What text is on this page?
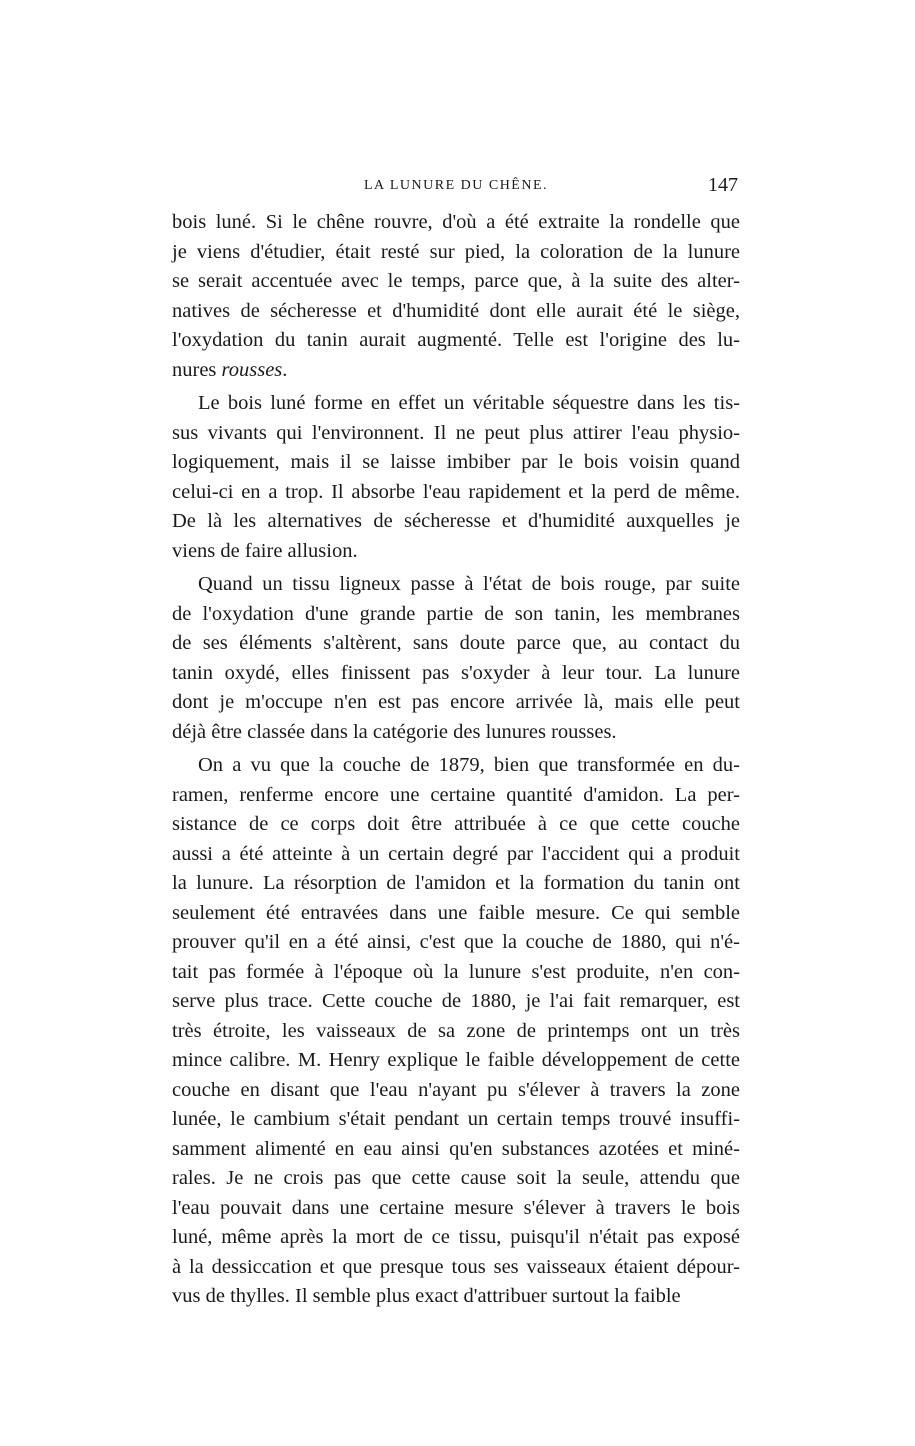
LA LUNURE DU CHÊNE.	147
bois luné. Si le chêne rouvre, d'où a été extraite la rondelle que
je viens d'étudier, était resté sur pied, la coloration de la lunure
se serait accentuée avec le temps, parce que, à la suite des alter-
natives de sécheresse et d'humidité dont elle aurait été le siège,
l'oxydation du tanin aurait augmenté. Telle est l'origine des lu-
nures rousses.
Le bois luné forme en effet un véritable séquestre dans les tis-
sus vivants qui l'environnent. Il ne peut plus attirer l'eau physio-
logiquement, mais il se laisse imbiber par le bois voisin quand
celui-ci en a trop. Il absorbe l'eau rapidement et la perd de même.
De là les alternatives de sécheresse et d'humidité auxquelles je
viens de faire allusion.
Quand un tissu ligneux passe à l'état de bois rouge, par suite
de l'oxydation d'une grande partie de son tanin, les membranes
de ses éléments s'altèrent, sans doute parce que, au contact du
tanin oxydé, elles finissent pas s'oxyder à leur tour. La lunure
dont je m'occupe n'en est pas encore arrivée là, mais elle peut
déjà être classée dans la catégorie des lunures rousses.
On a vu que la couche de 1879, bien que transformée en du-
ramen, renferme encore une certaine quantité d'amidon. La per-
sistance de ce corps doit être attribuée à ce que cette couche
aussi a été atteinte à un certain degré par l'accident qui a produit
la lunure. La résorption de l'amidon et la formation du tanin ont
seulement été entravées dans une faible mesure. Ce qui semble
prouver qu'il en a été ainsi, c'est que la couche de 1880, qui n'é-
tait pas formée à l'époque où la lunure s'est produite, n'en con-
serve plus trace. Cette couche de 1880, je l'ai fait remarquer, est
très étroite, les vaisseaux de sa zone de printemps ont un très
mince calibre. M. Henry explique le faible développement de cette
couche en disant que l'eau n'ayant pu s'élever à travers la zone
lunée, le cambium s'était pendant un certain temps trouvé insuffi-
samment alimenté en eau ainsi qu'en substances azotées et miné-
rales. Je ne crois pas que cette cause soit la seule, attendu que
l'eau pouvait dans une certaine mesure s'élever à travers le bois
luné, même après la mort de ce tissu, puisqu'il n'était pas exposé
à la dessiccation et que presque tous ses vaisseaux étaient dépour-
vus de thylles. Il semble plus exact d'attribuer surtout la faible
